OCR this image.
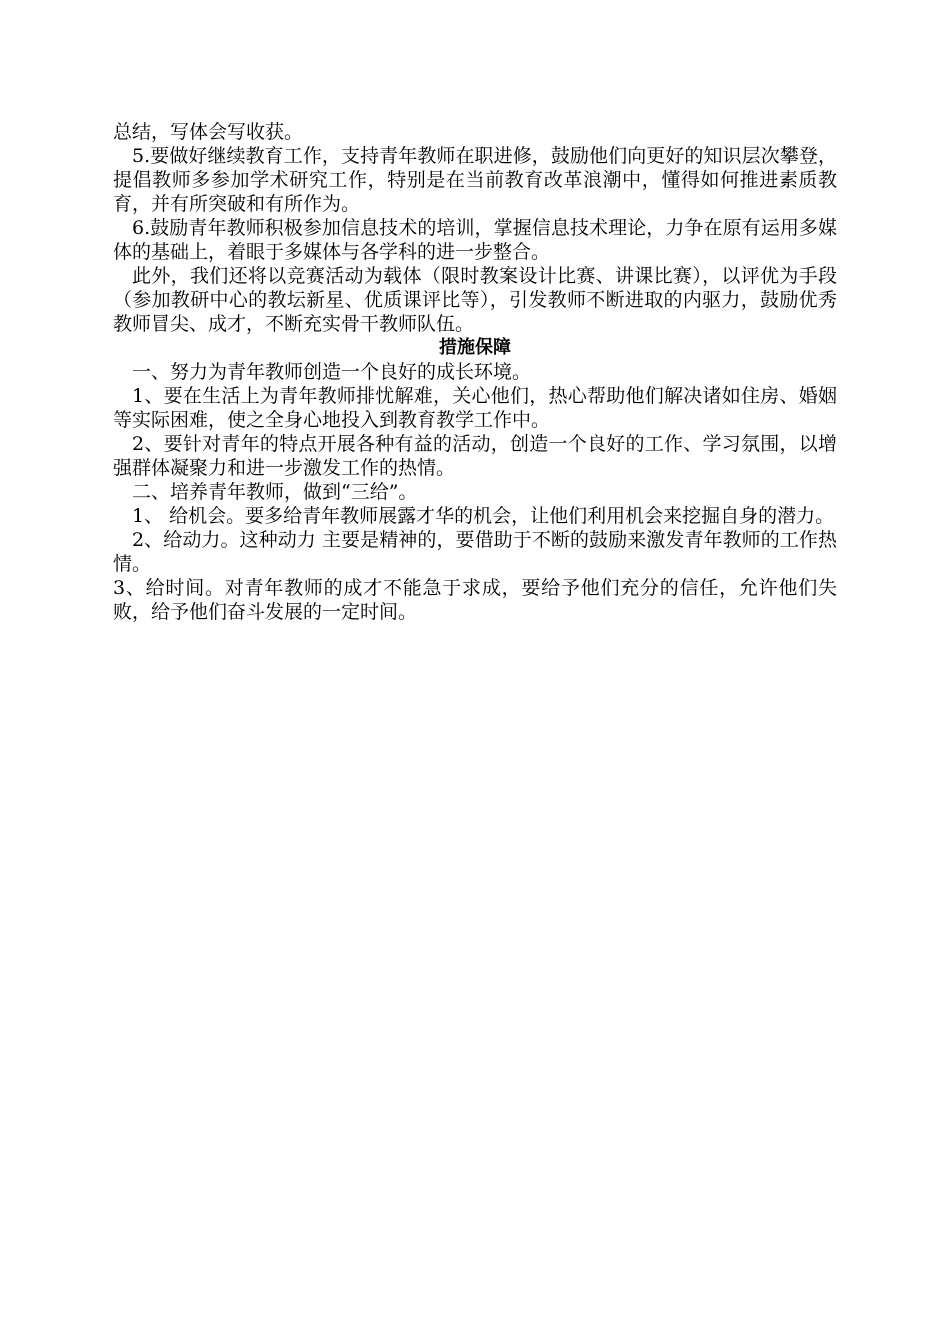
总结，写体会写收获。

5.要做好继续教育工作，支持青年教师在职进修，鼓励他们向更好的知识层次攀登，提倡教师多参加学术研究工作，特别是在当前教育改革浪潮中，懂得如何推进素质教育，并有所突破和有所作为。

6.鼓励青年教师积极参加信息技术的培训，掌握信息技术理论，力争在原有运用多媒体的基础上，着眼于多媒体与各学科的进一步整合。

此外，我们还将以竞赛活动为载体（限时教案设计比赛、讲课比赛），以评优为手段（参加教研中心的教坛新星、优质课评比等），引发教师不断进取的内驱力，鼓励优秀教师冒尖、成才，不断充实骨干教师队伍。

措施保障

一、努力为青年教师创造一个良好的成长环境。

1、要在生活上为青年教师排忧解难，关心他们，热心帮助他们解决诸如住房、婚姻等实际困难，使之全身心地投入到教育教学工作中。

2、要针对青年的特点开展各种有益的活动，创造一个良好的工作、学习氛围，以增强群体凝聚力和进一步激发工作的热情。

二、培养青年教师，做到“三给”。

1、 给机会。要多给青年教师展露才华的机会，让他们利用机会来挖掘自身的潜力。

2、给动力。这种动力 主要是精神的，要借助于不断的鼓励来激发青年教师的工作热情。

3、给时间。对青年教师的成才不能急于求成，要给予他们充分的信任，允许他们失败，给予他们奋斗发展的一定时间。
